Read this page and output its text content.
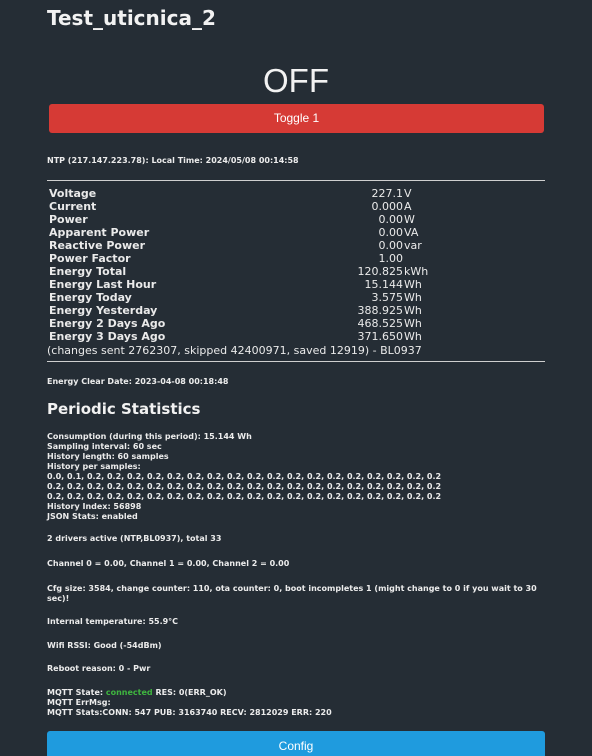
Test_uticnica_2
OFF
Toggle 1
NTP (217.147.223.78): Local Time: 2024/05/08 00:14:58
Voltage	227.1 V
Current	0.000 A
Power	0.00 W
Apparent Power	0.00 VA
Reactive Power	0.00 var
Power Factor	1.00
Energy Total	120.825 kWh
Energy Last Hour	15.144 Wh
Energy Today	3.575 Wh
Energy Yesterday	388.925 Wh
Energy 2 Days Ago	468.525 Wh
Energy 3 Days Ago	371.650 Wh
(changes sent 2762307, skipped 42400971, saved 12919) - BL0937
Energy Clear Date: 2023-04-08 00:18:48
Periodic Statistics
Consumption (during this period): 15.144 Wh
Sampling interval: 60 sec
History length: 60 samples
History per samples:
0.0, 0.1, 0.2, 0.2, 0.2, 0.2, 0.2, 0.2, 0.2, 0.2, 0.2, 0.2, 0.2, 0.2, 0.2, 0.2, 0.2, 0.2, 0.2, 0.2
0.2, 0.2, 0.2, 0.2, 0.2, 0.2, 0.2, 0.2, 0.2, 0.2, 0.2, 0.2, 0.2, 0.2, 0.2, 0.2, 0.2, 0.2, 0.2, 0.2
0.2, 0.2, 0.2, 0.2, 0.2, 0.2, 0.2, 0.2, 0.2, 0.2, 0.2, 0.2, 0.2, 0.2, 0.2, 0.2, 0.2, 0.2, 0.2, 0.2
History Index: 56898
JSON Stats: enabled
2 drivers active (NTP,BL0937), total 33
Channel 0 = 0.00, Channel 1 = 0.00, Channel 2 = 0.00
Cfg size: 3584, change counter: 110, ota counter: 0, boot incompletes 1 (might change to 0 if you wait to 30 sec)!
Internal temperature: 55.9°C
Wifi RSSI: Good (-54dBm)
Reboot reason: 0 - Pwr
MQTT State: connected RES: 0(ERR_OK)
MQTT ErrMsg:
MQTT Stats:CONN: 547 PUB: 3163740 RECV: 2812029 ERR: 220
Config
